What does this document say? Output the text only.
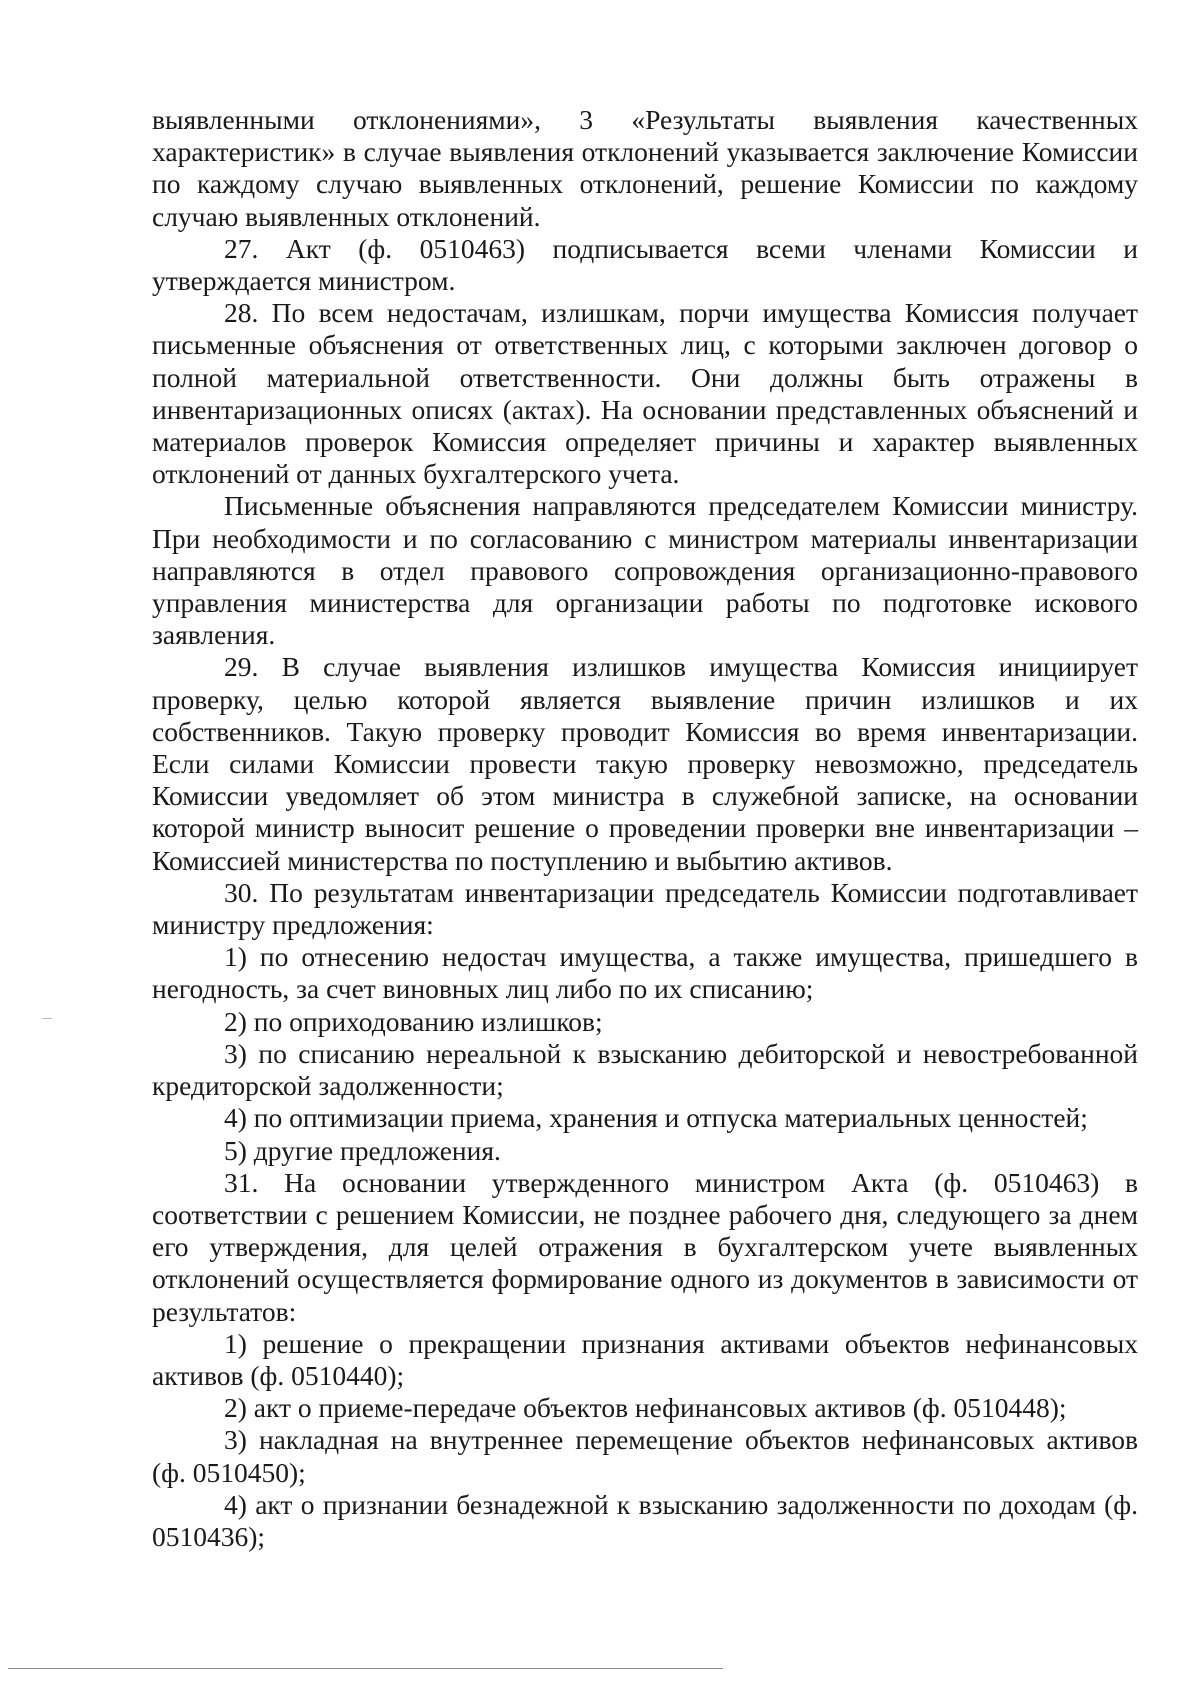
выявленными отклонениями», 3 «Результаты выявления качественных характеристик» в случае выявления отклонений указывается заключение Комиссии по каждому случаю выявленных отклонений, решение Комиссии по каждому случаю выявленных отклонений.

27. Акт (ф. 0510463) подписывается всеми членами Комиссии и утверждается министром.

28. По всем недостачам, излишкам, порчи имущества Комиссия получает письменные объяснения от ответственных лиц, с которыми заключен договор о полной материальной ответственности. Они должны быть отражены в инвентаризационных описях (актах). На основании представленных объяснений и материалов проверок Комиссия определяет причины и характер выявленных отклонений от данных бухгалтерского учета.

Письменные объяснения направляются председателем Комиссии министру. При необходимости и по согласованию с министром материалы инвентаризации направляются в отдел правового сопровождения организационно-правового управления министерства для организации работы по подготовке искового заявления.

29. В случае выявления излишков имущества Комиссия инициирует проверку, целью которой является выявление причин излишков и их собственников. Такую проверку проводит Комиссия во время инвентаризации. Если силами Комиссии провести такую проверку невозможно, председатель Комиссии уведомляет об этом министра в служебной записке, на основании которой министр выносит решение о проведении проверки вне инвентаризации – Комиссией министерства по поступлению и выбытию активов.

30. По результатам инвентаризации председатель Комиссии подготавливает министру предложения:

1) по отнесению недостач имущества, а также имущества, пришедшего в негодность, за счет виновных лиц либо по их списанию;

2) по оприходованию излишков;

3) по списанию нереальной к взысканию дебиторской и невостребованной кредиторской задолженности;

4) по оптимизации приема, хранения и отпуска материальных ценностей;

5) другие предложения.

31. На основании утвержденного министром Акта (ф. 0510463) в соответствии с решением Комиссии, не позднее рабочего дня, следующего за днем его утверждения, для целей отражения в бухгалтерском учете выявленных отклонений осуществляется формирование одного из документов в зависимости от результатов:

1) решение о прекращении признания активами объектов нефинансовых активов (ф. 0510440);

2) акт о приеме-передаче объектов нефинансовых активов (ф. 0510448);

3) накладная на внутреннее перемещение объектов нефинансовых активов (ф. 0510450);

4) акт о признании безнадежной к взысканию задолженности по доходам (ф. 0510436);
